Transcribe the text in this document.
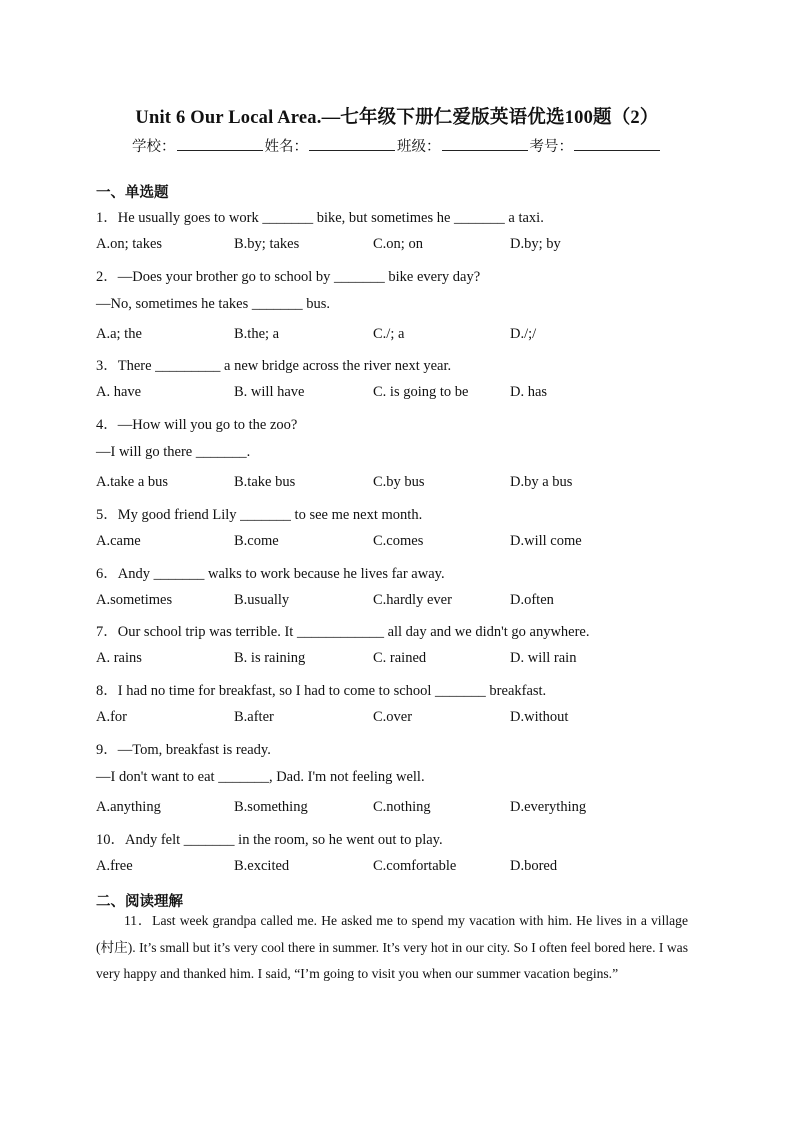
Unit 6 Our Local Area.—七年级下册仁爱版英语优选100题（2）
学校：	姓名：	班级：	考号：
一、单选题
1．He usually goes to work _______ bike, but sometimes he _______ a taxi.
A.on; takes	B.by; takes	C.on; on	D.by; by
2．—Does your brother go to school by _______ bike every day?
—No, sometimes he takes _______ bus.
A.a; the	B.the; a	C./; a	D./;/
3．There _________ a new bridge across the river next year.
A. have	B. will have	C. is going to be	D. has
4．—How will you go to the zoo?
—I will go there _______.
A.take a bus	B.take bus	C.by bus	D.by a bus
5．My good friend Lily _______ to see me next month.
A.came	B.come	C.comes	D.will come
6．Andy _______ walks to work because he lives far away.
A.sometimes	B.usually	C.hardly ever	D.often
7．Our school trip was terrible. It ____________ all day and we didn't go anywhere.
A. rains	B. is raining	C. rained	D. will rain
8．I had no time for breakfast, so I had to come to school _______ breakfast.
A.for	B.after	C.over	D.without
9．—Tom, breakfast is ready.
—I don't want to eat _______, Dad. I'm not feeling well.
A.anything	B.something	C.nothing	D.everything
10．Andy felt _______ in the room, so he went out to play.
A.free	B.excited	C.comfortable	D.bored
二、阅读理解
11．Last week grandpa called me. He asked me to spend my vacation with him. He lives in a village (村庄). It’s small but it’s very cool there in summer. It’s very hot in our city. So I often feel bored here. I was very happy and thanked him. I said, “I’m going to visit you when our summer vacation begins.”
